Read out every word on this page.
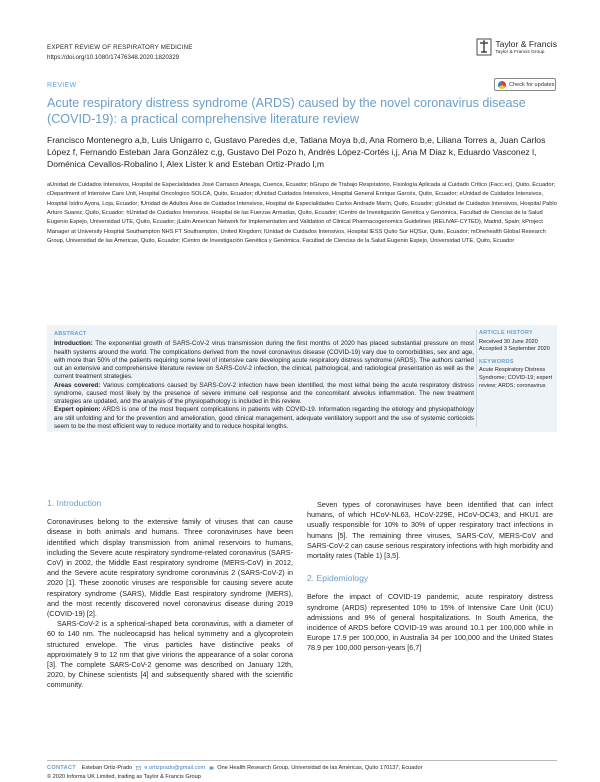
EXPERT REVIEW OF RESPIRATORY MEDICINE
https://doi.org/10.1080/17476348.2020.1820329
Taylor & Francis
Taylor & Francis Group
REVIEW	Check for updates
Acute respiratory distress syndrome (ARDS) caused by the novel coronavirus disease (COVID-19): a practical comprehensive literature review
Francisco Montenegro a,b, Luis Unigarro c, Gustavo Paredes d,e, Tatiana Moya b,d, Ana Romero b,e, Liliana Torres a, Juan Carlos López f, Fernando Esteban Jara González c,g, Gustavo Del Pozo h, Andrés López-Cortés i,j, Ana M Diaz k, Eduardo Vasconez l, Doménica Cevallos-Robalino l, Alex Lister k and Esteban Ortiz-Prado l,m
aUnidad de Cuidados Intensivos, Hospital de Especialidades José Carrasco Arteaga, Cuenca, Ecuador; bGrupo de Trabajo Respiratorio, Fisiología Aplicada al Cuidado Crítico (Facc.ec), Quito, Ecuador; cDepartment of Intensive Care Unit, Hospital Oncologico SOLCA, Quito, Ecuador; dUnidad Cuidados Intensivos, Hospital General Enrique Garcés, Quito, Ecuador; eUnidad de Cuidados Intensivos, Hospital Isidro Ayora, Loja, Ecuador; fUnidad de Adultos Área de Cuidados Intensivos, Hospital de Especialidades Carlos Andrade Marín, Quito, Ecuador; gUnidad de Cuidados Intensivos, Hospital Pablo Arturo Suarez, Quito, Ecuador; hUnidad de Cuidados Intensivos, Hospital de las Fuerzas Armadas, Quito, Ecuador; iCentro de Investigación Genética y Genómica, Facultad de Ciencias de la Salud Eugenio Espejo, Universidad UTE, Quito, Ecuador; jLatin American Network for Implementation and Validation of Clinical Pharmacogenomics Guidelines (RELIVAF-CYTED), Madrid, Spain; kProject Manager at University Hospital Southampton NHS FT Southampton, United Kingdom; lUnidad de Cuidados Intensivos, Hospital IESS Quito Sur HQSur, Quito, Ecuador; mOnehealth Global Research Group, Universidad de las Americas, Quito, Ecuador; lCentro de Investigación Genética y Genómica, Facultad de Ciencias de la Salud Eugenio Espejo, Universidad UTE, Quito, Ecuador
ABSTRACT
Introduction: The exponential growth of SARS-CoV-2 virus transmission during the first months of 2020 has placed substantial pressure on most health systems around the world. The complications derived from the novel coronavirus disease (COVID-19) vary due to comorbidities, sex and age, with more than 50% of the patients requiring some level of intensive care developing acute respiratory distress syndrome (ARDS). The authors carried out an extensive and comprehensive literature review on SARS-CoV-2 infection, the clinical, pathological, and radiological presentation as well as the current treatment strategies.
Areas covered: Various complications caused by SARS-CoV-2 infection have been identified, the most lethal being the acute respiratory distress syndrome, caused most likely by the presence of severe immune cell response and the concomitant alveolus inflammation. The new treatment strategies are updated, and the analysis of the physiopathology is included in this review.
Expert opinion: ARDS is one of the most frequent complications in patients with COVID-19. Information regarding the etiology and physiopathology are still unfolding and for the prevention and amelioration, good clinical management, adequate ventilatory support and the use of systemic corticoids seem to be the most efficient way to reduce mortality and to reduce hospital lengths.
ARTICLE HISTORY
Received 30 June 2020
Accepted 3 September 2020
KEYWORDS
Acute Respiratory Distress Syndrome; COVID-19; expert review; ARDS; coronavirus
1. Introduction

Coronaviruses belong to the extensive family of viruses that can cause disease in both animals and humans. Three coronaviruses have been identified which display transmission from animal reservoirs to humans, including the Severe acute respiratory syndrome-related coronavirus (SARS-CoV) in 2002, the Middle East respiratory syndrome (MERS-CoV) in 2012, and the Severe acute respiratory syndrome coronavirus 2 (SARS-CoV-2) in 2020 [1]. These zoonotic viruses are responsible for causing severe acute respiratory syndrome (SARS), Middle East respiratory syndrome (MERS), and the most recently discovered novel coronavirus disease during 2019 (COVID-19) [2].

SARS-CoV-2 is a spherical-shaped beta coronavirus, with a diameter of 60 to 140 nm. The nucleocapsid has helical symmetry and a glycoprotein structured envelope. The virus particles have distinctive peaks of approximately 9 to 12 nm that give virions the appearance of a solar corona [3]. The complete SARS-CoV-2 genome was described on January 12th, 2020, by Chinese scientists [4] and subsequently shared with the scientific community.

Seven types of coronaviruses have been identified that can infect humans, of which HCoV-NL63, HCoV-229E, HCoV-OC43, and HKU1 are usually responsible for 10% to 30% of upper respiratory tract infections in humans [5]. The remaining three viruses, SARS-CoV, MERS-CoV and SARS-CoV-2 can cause serious respiratory infections with high morbidity and mortality rates (Table 1) [3,5].

2. Epidemiology

Before the impact of COVID-19 pandemic, acute respiratory distress syndrome (ARDS) represented 10% to 15% of Intensive Care Unit (ICU) admissions and 9% of general hospitalizations. In South America, the incidence of ARDS before COVID-19 was around 10.1 per 100,000 while in Europe 17.9 per 100,000, in Australia 34 per 100,000 and the United States 78.9 per 100,000 person-years [6,7]

CONTACT Esteban Ortiz-Prado e.ortizprado@gmail.com One Health Research Group, Universidad de las Américas, Quito 170137, Ecuador
© 2020 Informa UK Limited, trading as Taylor & Francis Group
